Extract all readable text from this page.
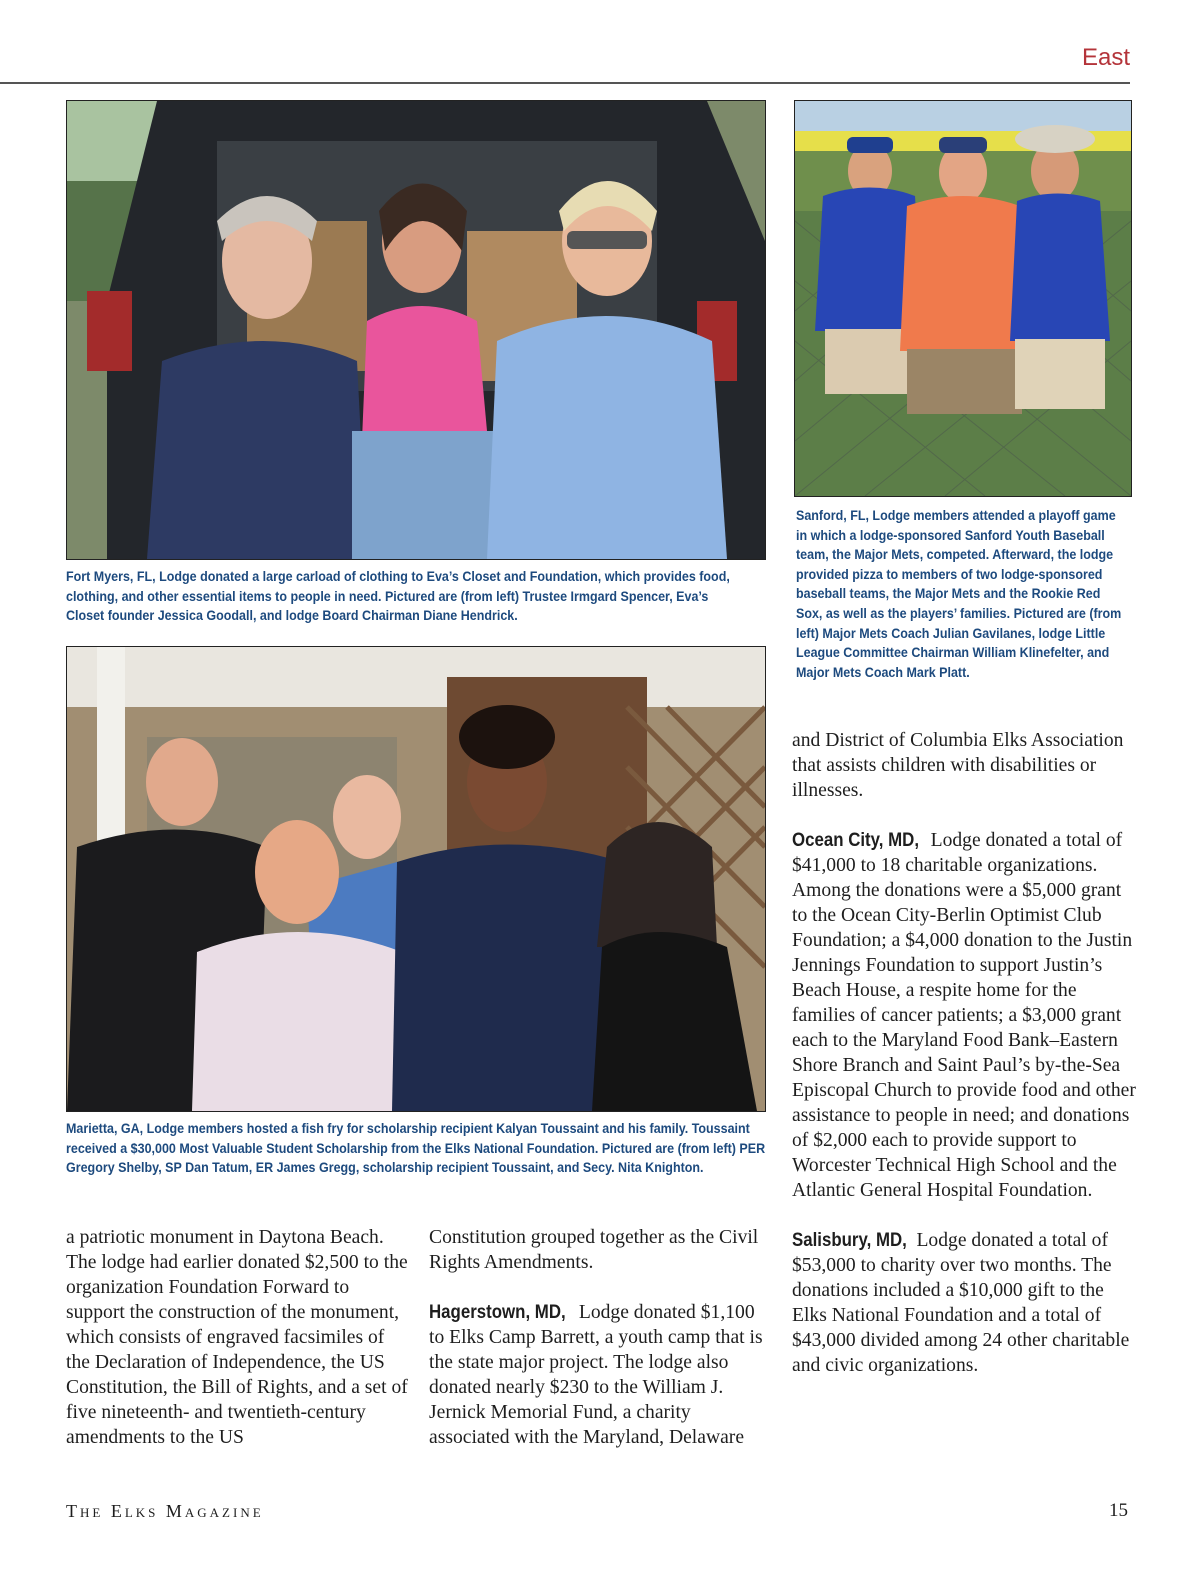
East
Fort Myers, FL, Lodge donated a large carload of clothing to Eva’s Closet and Foundation, which provides food, clothing, and other essential items to people in need. Pictured are (from left) Trustee Irmgard Spencer, Eva’s Closet founder Jessica Goodall, and lodge Board Chairman Diane Hendrick.
Sanford, FL, Lodge members attended a playoff game in which a lodge-sponsored Sanford Youth Baseball team, the Major Mets, competed. Afterward, the lodge provided pizza to members of two lodge-sponsored baseball teams, the Major Mets and the Rookie Red Sox, as well as the players’ families. Pictured are (from left) Major Mets Coach Julian Gavilanes, lodge Little League Committee Chairman William Klinefelter, and Major Mets Coach Mark Platt.
Marietta, GA, Lodge members hosted a fish fry for scholarship recipient Kalyan Toussaint and his family. Toussaint received a $30,000 Most Valuable Student Scholarship from the Elks National Foundation. Pictured are (from left) PER Gregory Shelby, SP Dan Tatum, ER James Gregg, scholarship recipient Toussaint, and Secy. Nita Knighton.

a patriotic monument in Daytona Beach. The lodge had earlier donated $2,500 to the organization Foundation Forward to support the construction of the monument, which consists of engraved facsimiles of the Declaration of Independence, the US Constitution, the Bill of Rights, and a set of five nineteenth- and twentieth-century amendments to the US

Constitution grouped together as the Civil Rights Amendments.

Hagerstown, MD, Lodge donated $1,100 to Elks Camp Barrett, a youth camp that is the state major project. The lodge also donated nearly $230 to the William J. Jernick Memorial Fund, a charity associated with the Maryland, Delaware

and District of Columbia Elks Association that assists children with disabilities or illnesses.

Ocean City, MD, Lodge donated a total of $41,000 to 18 charitable organizations. Among the donations were a $5,000 grant to the Ocean City-Berlin Optimist Club Foundation; a $4,000 donation to the Justin Jennings Foundation to support Justin’s Beach House, a respite home for the families of cancer patients; a $3,000 grant each to the Maryland Food Bank–Eastern Shore Branch and Saint Paul’s by-the-Sea Episcopal Church to provide food and other assistance to people in need; and donations of $2,000 each to provide support to Worcester Technical High School and the Atlantic General Hospital Foundation.

Salisbury, MD, Lodge donated a total of $53,000 to charity over two months. The donations included a $10,000 gift to the Elks National Foundation and a total of $43,000 divided among 24 other charitable and civic organizations.

The Elks Magazine	15
